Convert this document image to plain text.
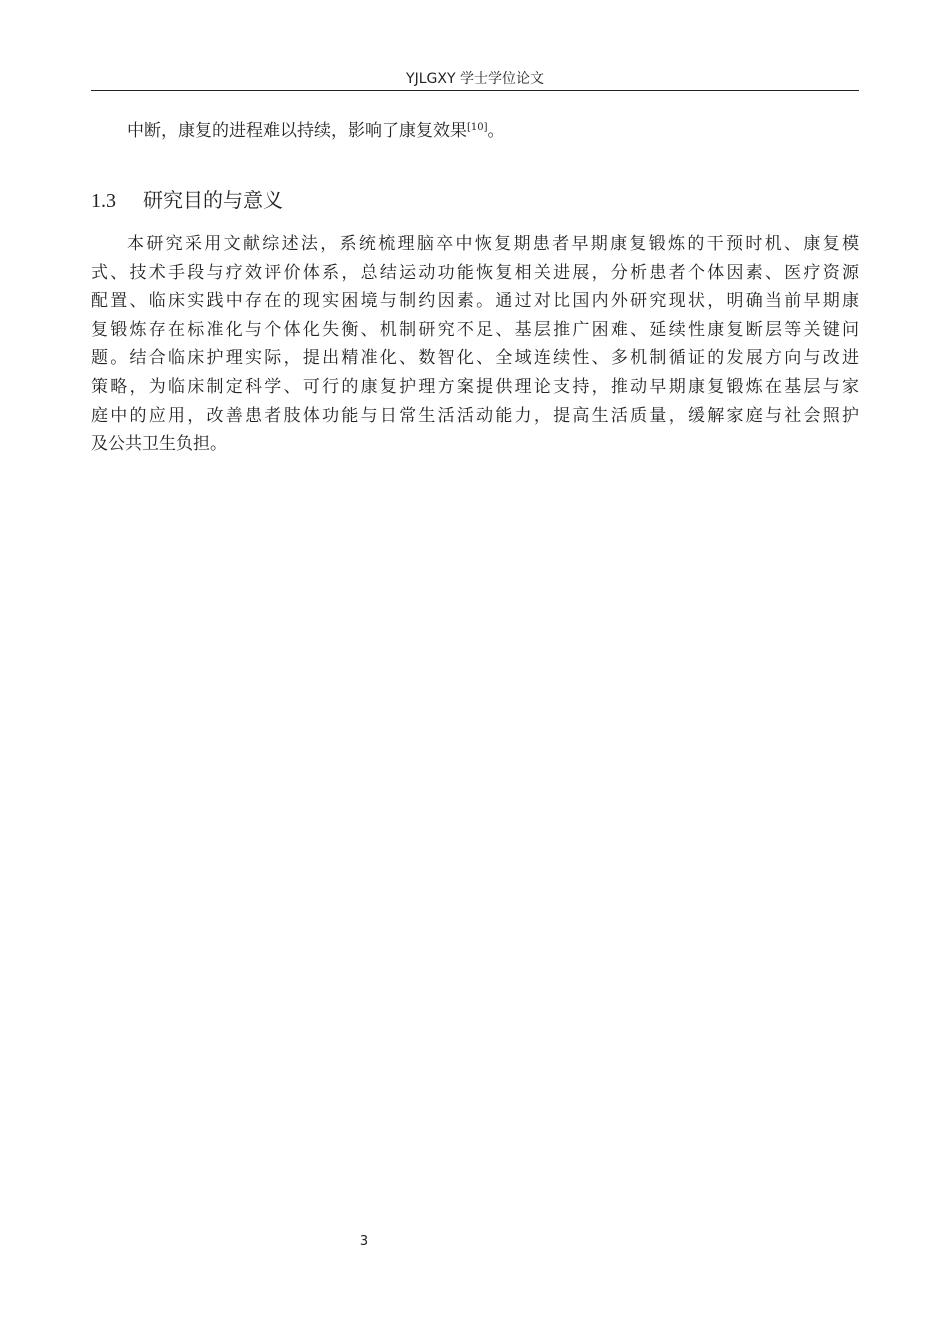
YJLGXY 学士学位论文
中断，康复的进程难以持续，影响了康复效果[10]。
1.3 研究目的与意义
本研究采用文献综述法，系统梳理脑卒中恢复期患者早期康复锻炼的干预时机、康复模
式、技术手段与疗效评价体系，总结运动功能恢复相关进展，分析患者个体因素、医疗资源
配置、临床实践中存在的现实困境与制约因素。通过对比国内外研究现状，明确当前早期康
复锻炼存在标准化与个体化失衡、机制研究不足、基层推广困难、延续性康复断层等关键问
题。结合临床护理实际，提出精准化、数智化、全域连续性、多机制循证的发展方向与改进
策略，为临床制定科学、可行的康复护理方案提供理论支持，推动早期康复锻炼在基层与家
庭中的应用，改善患者肢体功能与日常生活活动能力，提高生活质量，缓解家庭与社会照护
及公共卫生负担。
3
